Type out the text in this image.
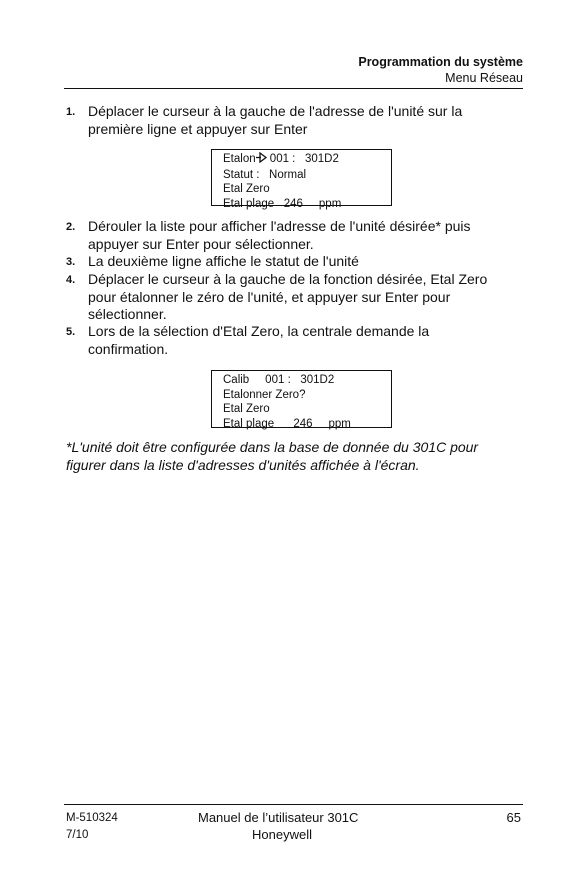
Programmation du système
Menu Réseau
1. Déplacer le curseur à la gauche de l'adresse de l'unité sur la première ligne et appuyer sur Enter
Etalon 001 :   301D2
Statut :   Normal
Etal Zero
Etal plage   246     ppm
2. Dérouler la liste pour afficher l'adresse de l'unité désirée* puis appuyer sur Enter pour sélectionner.
3. La deuxième ligne affiche le statut de l'unité
4. Déplacer le curseur à la gauche de la fonction désirée, Etal Zero pour étalonner le zéro de l'unité, et appuyer sur Enter pour sélectionner.
5. Lors de la sélection d'Etal Zero, la centrale demande la confirmation.
Calib     001 :   301D2
Etalonner Zero?
Etal Zero
Etal plage      246     ppm
*L'unité doit être configurée dans la base de donnée du 301C pour figurer dans la liste d'adresses d'unités affichée à l'écran.
M-510324
7/10
Manuel de l’utilisateur 301C
Honeywell
65
